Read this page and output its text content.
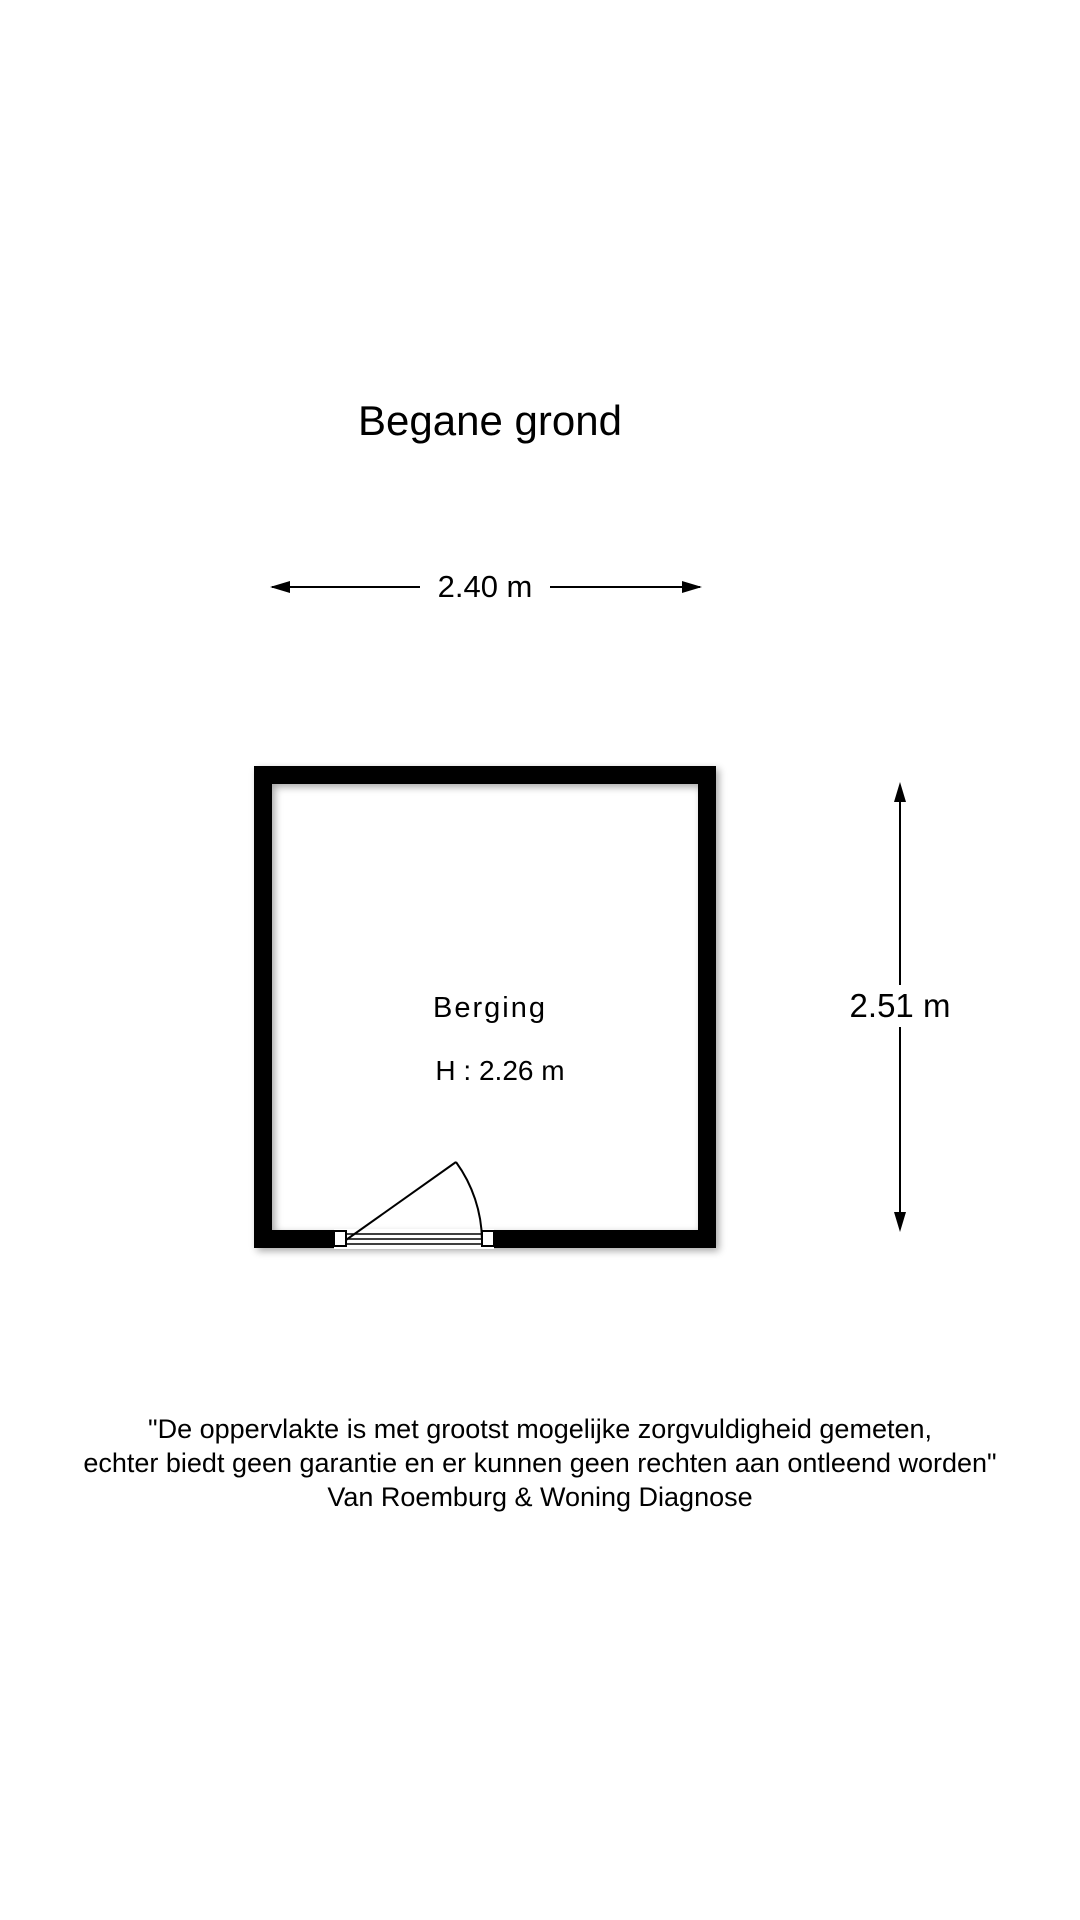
Begane grond
2.40 m
2.51 m
Berging
H : 2.26 m
"De oppervlakte is met grootst mogelijke zorgvuldigheid gemeten,
echter biedt geen garantie en er kunnen geen rechten aan ontleend worden"
Van Roemburg & Woning Diagnose
